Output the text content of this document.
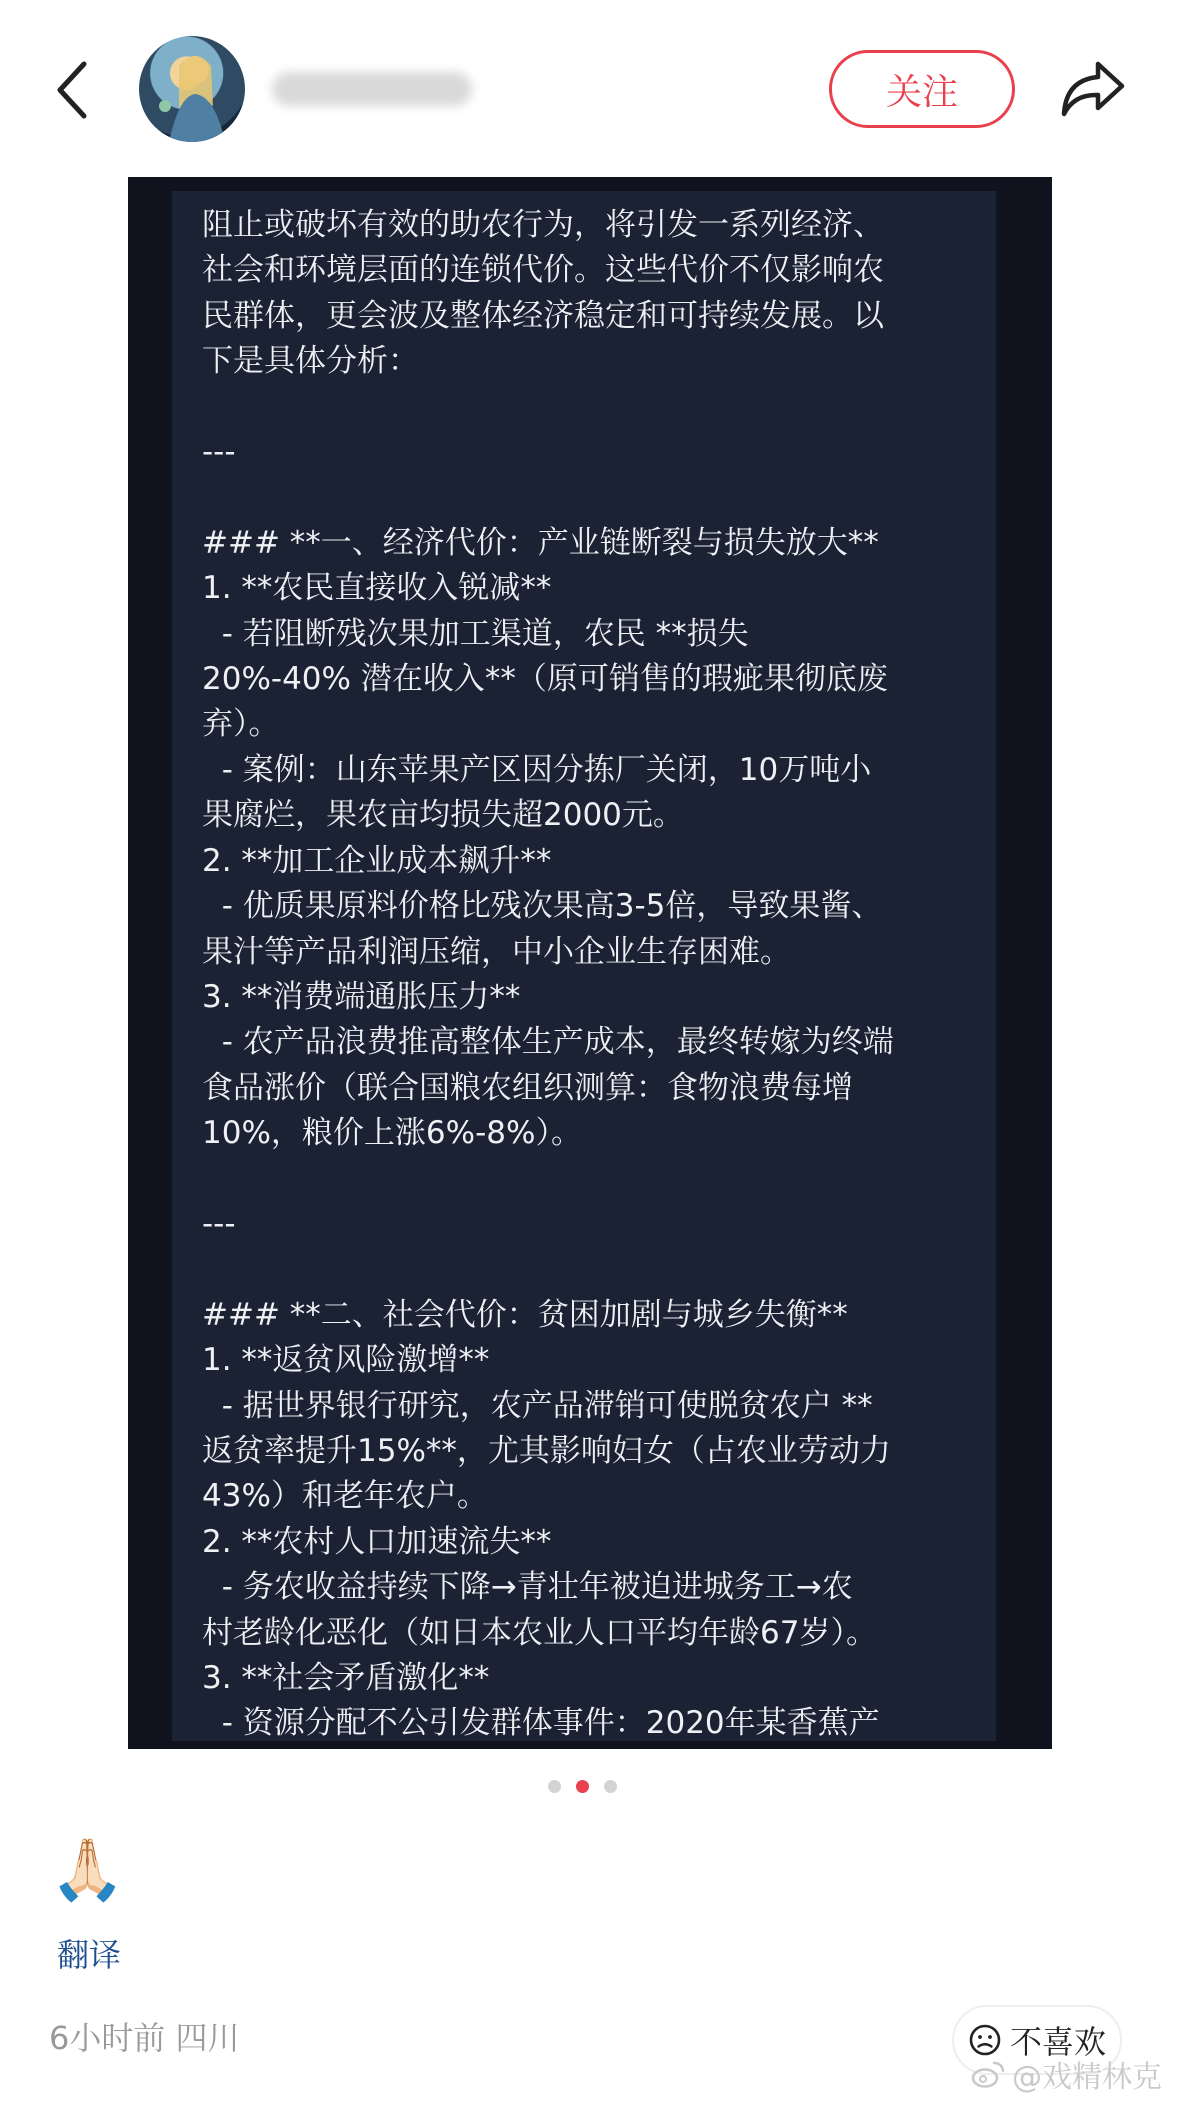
关注
阻止或破坏有效的助农行为，将引发一系列经济、
社会和环境层面的连锁代价。这些代价不仅影响农
民群体，更会波及整体经济稳定和可持续发展。以
下是具体分析：

---

### **一、经济代价：产业链断裂与损失放大**
1. **农民直接收入锐减**
- 若阻断残次果加工渠道，农民 **损失
20%-40% 潜在收入**（原可销售的瑕疵果彻底废
弃）。
- 案例：山东苹果产区因分拣厂关闭，10万吨小
果腐烂，果农亩均损失超2000元。
2. **加工企业成本飙升**
- 优质果原料价格比残次果高3-5倍，导致果酱、
果汁等产品利润压缩，中小企业生存困难。
3. **消费端通胀压力**
- 农产品浪费推高整体生产成本，最终转嫁为终端
食品涨价（联合国粮农组织测算：食物浪费每增
10%，粮价上涨6%-8%）。

---

### **二、社会代价：贫困加剧与城乡失衡**
1. **返贫风险激增**
- 据世界银行研究，农产品滞销可使脱贫农户 **
返贫率提升15%**，尤其影响妇女（占农业劳动力
43%）和老年农户。
2. **农村人口加速流失**
- 务农收益持续下降→青壮年被迫进城务工→农
村老龄化恶化（如日本农业人口平均年龄67岁）。
3. **社会矛盾激化**
- 资源分配不公引发群体事件：2020年某香蕉产
🙏🏻
翻译
6小时前 四川	不喜欢
@戏精林克
